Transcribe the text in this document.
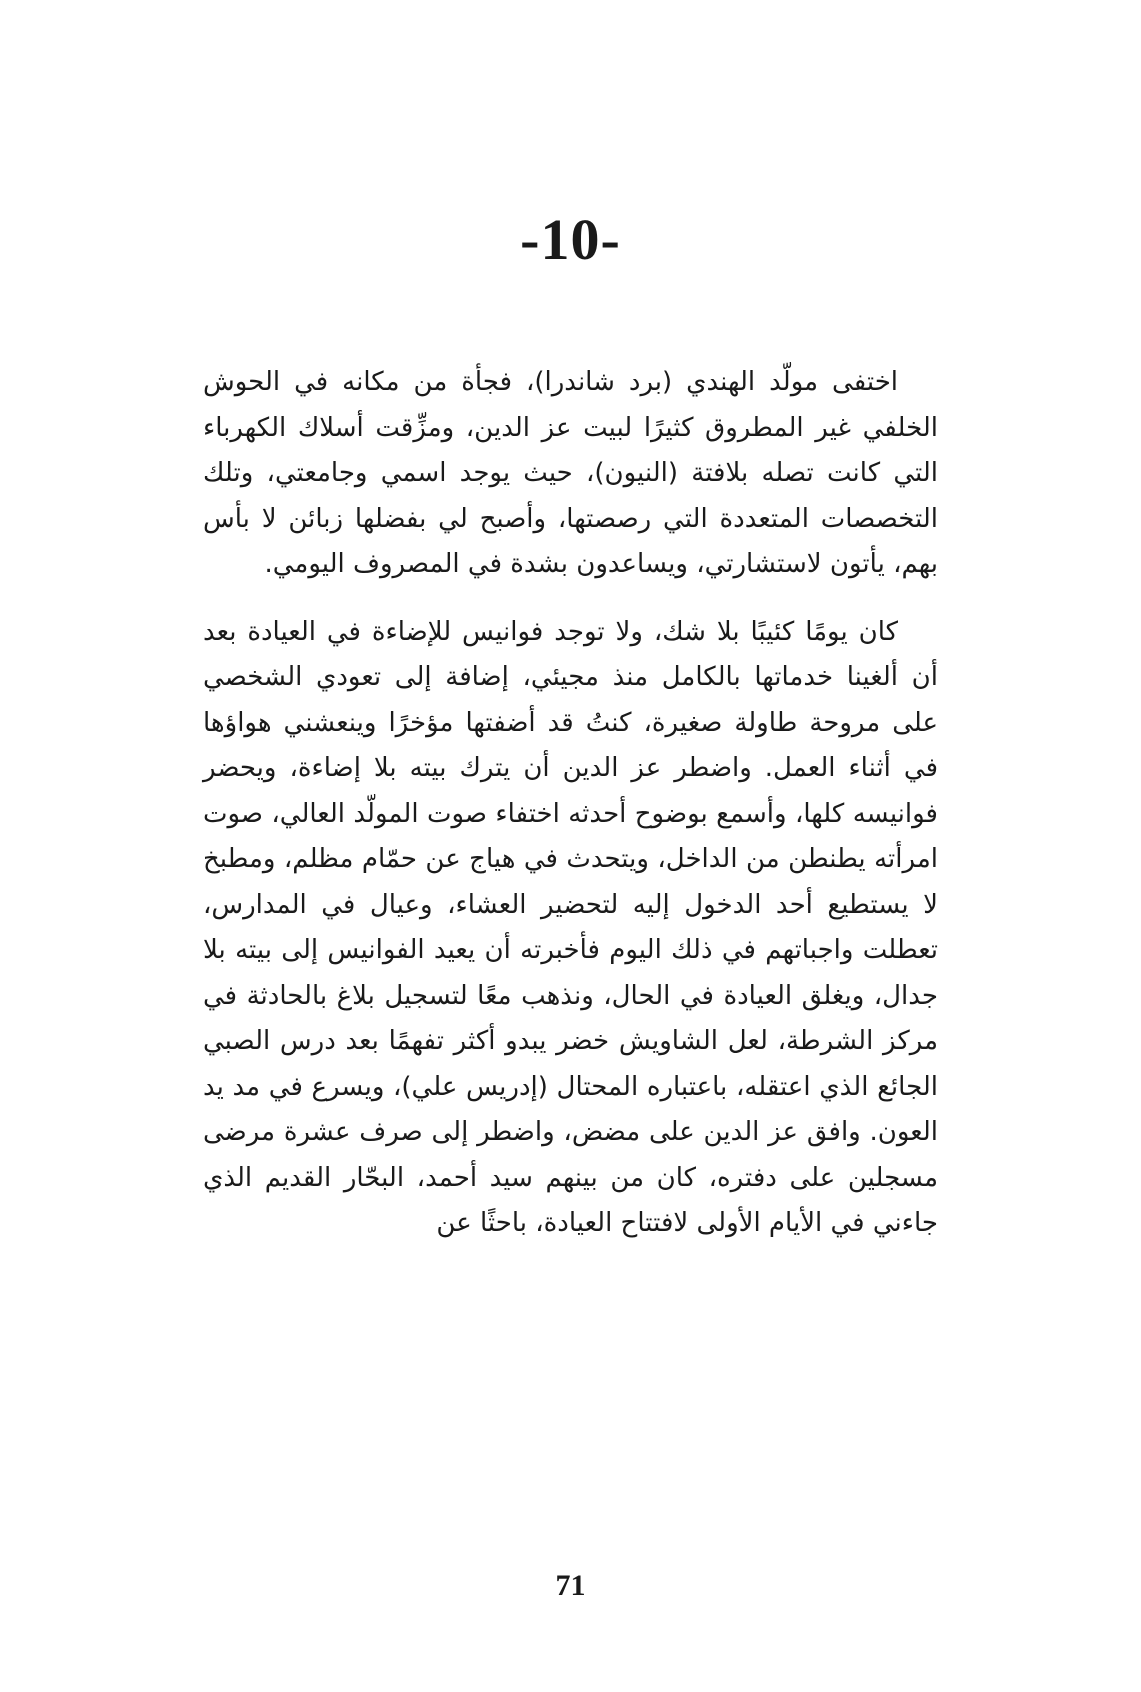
-10-

اختفى مولّد الهندي (برد شاندرا)، فجأة من مكانه في الحوش الخلفي غير المطروق كثيرًا لبيت عز الدين، ومزِّقت أسلاك الكهرباء التي كانت تصله بلافتة (النيون)، حيث يوجد اسمي وجامعتي، وتلك التخصصات المتعددة التي رصصتها، وأصبح لي بفضلها زبائن لا بأس بهم، يأتون لاستشارتي، ويساعدون بشدة في المصروف اليومي.

كان يومًا كئيبًا بلا شك، ولا توجد فوانيس للإضاءة في العيادة بعد أن ألغينا خدماتها بالكامل منذ مجيئي، إضافة إلى تعودي الشخصي على مروحة طاولة صغيرة، كنتُ قد أضفتها مؤخرًا وينعشني هواؤها في أثناء العمل. واضطر عز الدين أن يترك بيته بلا إضاءة، ويحضر فوانيسه كلها، وأسمع بوضوح أحدثه اختفاء صوت المولّد العالي، صوت امرأته يطنطن من الداخل، ويتحدث في هياج عن حمّام مظلم، ومطبخ لا يستطيع أحد الدخول إليه لتحضير العشاء، وعيال في المدارس، تعطلت واجباتهم في ذلك اليوم فأخبرته أن يعيد الفوانيس إلى بيته بلا جدال، ويغلق العيادة في الحال، ونذهب معًا لتسجيل بلاغ بالحادثة في مركز الشرطة، لعل الشاويش خضر يبدو أكثر تفهمًا بعد درس الصبي الجائع الذي اعتقله، باعتباره المحتال (إدريس علي)، ويسرع في مد يد العون. وافق عز الدين على مضض، واضطر إلى صرف عشرة مرضى مسجلين على دفتره، كان من بينهم سيد أحمد، البحّار القديم الذي جاءني في الأيام الأولى لافتتاح العيادة، باحثًا عن

71
